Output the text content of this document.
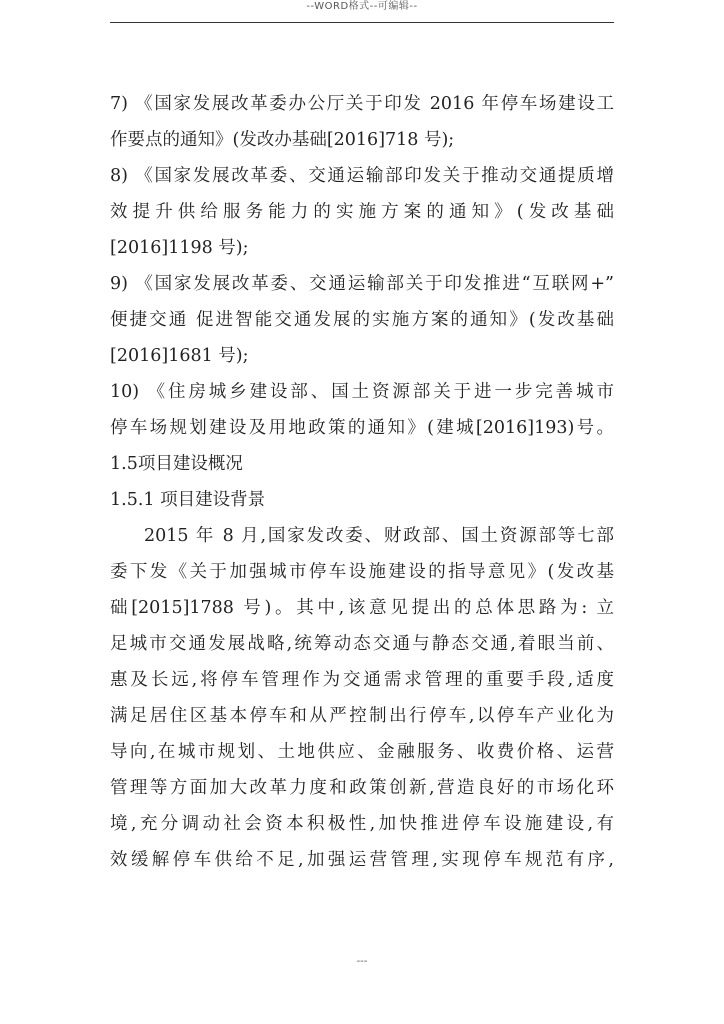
--WORD格式--可编辑--
7) 《国家发展改革委办公厅关于印发 2016 年停车场建设工
作要点的通知》(发改办基础[2016]718 号);
8) 《国家发展改革委、交通运输部印发关于推动交通提质增
效提升供给服务能力的实施方案的通知》(发改基础
[2016]1198 号);
9) 《国家发展改革委、交通运输部关于印发推进“互联网+”
便捷交通 促进智能交通发展的实施方案的通知》(发改基础
[2016]1681 号);
10) 《住房城乡建设部、国土资源部关于进一步完善城市
停车场规划建设及用地政策的通知》(建城[2016]193)号。
1.5项目建设概况
1.5.1 项目建设背景
2015 年 8 月,国家发改委、财政部、国土资源部等七部
委下发《关于加强城市停车设施建设的指导意见》(发改基
础[2015]1788 号)。其中,该意见提出的总体思路为: 立
足城市交通发展战略,统筹动态交通与静态交通,着眼当前、
惠及长远,将停车管理作为交通需求管理的重要手段,适度
满足居住区基本停车和从严控制出行停车,以停车产业化为
导向,在城市规划、土地供应、金融服务、收费价格、运营
管理等方面加大改革力度和政策创新,营造良好的市场化环
境,充分调动社会资本积极性,加快推进停车设施建设,有
效缓解停车供给不足,加强运营管理,实现停车规范有序,
---
